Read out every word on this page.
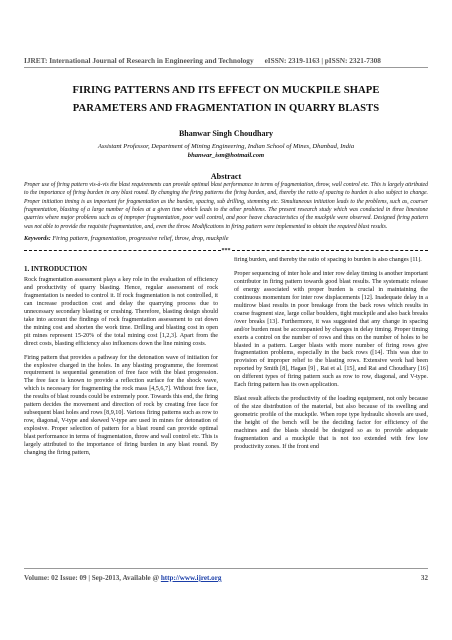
IJRET: International Journal of Research in Engineering and Technology eISSN: 2319-1163 | pISSN: 2321-7308
FIRING PATTERNS AND ITS EFFECT ON MUCKPILE SHAPE
PARAMETERS AND FRAGMENTATION IN QUARRY BLASTS
Bhanwar Singh Choudhary
Assistant Professor, Department of Mining Engineering, Indian School of Mines, Dhanbad, India
bhanwar_ism@hotmail.com
Abstract

Proper use of firing pattern vis-à-vis the blast requirements can provide optimal blast performance in terms of fragmentation, throw, wall control etc. This is largely attributed to the importance of firing burden in any blast round. By changing the firing patterns the firing burden, and, thereby the ratio of spacing to burden is also subject to change. Proper initiation timing is as important for fragmentation as the burden, spacing, sub drilling, stemming etc. Simultaneous initiation leads to the problems, such as, coarser fragmentation, blasting of a large number of holes at a given time which leads to the other problems. The present research study which was conducted in three limestone quarries where major problems such as of improper fragmentation, poor wall control, and poor heave characteristics of the muckpile were observed. Designed firing pattern was not able to provide the requisite fragmentation, and, even the throw. Modifications in firing pattern were implemented to obtain the required blast results.

Keywords: Firing pattern, fragmentation, progressive relief, throw, drop, muckpile
***
1. INTRODUCTION

Rock fragmentation assessment plays a key role in the evaluation of efficiency and productivity of quarry blasting. Hence, regular assessment of rock fragmentation is needed to control it. If rock fragmentation is not controlled, it can increase production cost and delay the quarrying process due to unnecessary secondary blasting or crushing. Therefore, blasting design should take into account the findings of rock fragmentation assessment to cut down the mining cost and shorten the work time. Drilling and blasting cost in open pit mines represent 15-20% of the total mining cost [1,2,3]. Apart from the direct costs, blasting efficiency also influences down the line mining costs.

Firing pattern that provides a pathway for the detonation wave of initiation for the explosive charged in the holes. In any blasting programme, the foremost requirement is sequential generation of free face with the blast progression. The free face is known to provide a reflection surface for the shock wave, which is necessary for fragmenting the rock mass [4,5,6,7]. Without free face, the results of blast rounds could be extremely poor. Towards this end, the firing pattern decides the movement and direction of rock by creating free face for subsequent blast holes and rows [8,9,10]. Various firing patterns such as row to row, diagonal, V-type and skewed V-type are used in mines for detonation of explosive. Proper selection of pattern for a blast round can provide optimal blast performance in terms of fragmentation, throw and wall control etc. This is largely attributed to the importance of firing burden in any blast round. By changing the firing pattern,

firing burden, and thereby the ratio of spacing to burden is also changes [11].

Proper sequencing of inter hole and inter row delay timing is another important contributor in firing pattern towards good blast results. The systematic release of energy associated with proper burden is crucial in maintaining the continuous momentum for inter row displacements [12]. Inadequate delay in a multirow blast results in poor breakage from the back rows which results in coarse fragment size, large collar boulders, tight muckpile and also back breaks /over breaks [13]. Furthermore, it was suggested that any change in spacing and/or burden must be accompanied by changes in delay timing. Proper timing exerts a control on the number of rows and thus on the number of holes to be blasted in a pattern. Larger blasts with more number of firing rows give fragmentation problems, especially in the back rows ([14]. This was due to provision of improper relief to the blasting rows. Extensive work had been reported by Smith [8], Hagan [9] , Rai et al. [15], and Rai and Choudhary [16] on different types of firing pattern such as row to row, diagonal, and V-type. Each firing pattern has its own application.

Blast result affects the productivity of the loading equipment, not only because of the size distribution of the material, but also because of its swelling and geometric profile of the muckpile. When rope type hydraulic shovels are used, the height of the bench will be the deciding factor for efficiency of the machines and the blasts should be designed so as to provide adequate fragmentation and a muckpile that is not too extended with few low productivity zones. If the front end

Volume: 02 Issue: 09 | Sep-2013, Available @ http://www.ijret.org	32
